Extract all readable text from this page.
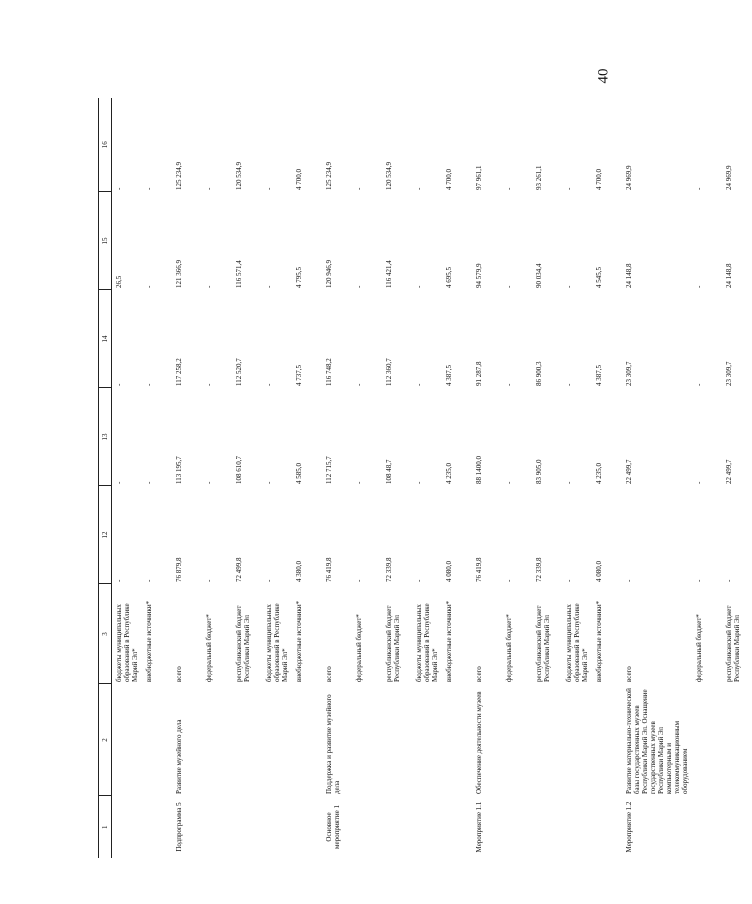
40
1	2	3	12	13	14	15	16
		бюджеты муниципальных образований в Республике Марий Эл*	-	-	-	26,5	-
		внебюджетные источники*	-	-	-	-	-
Подпрограмма 5	Развитие музейного дела	всего	76 879,8	113 195,7	117 258,2	121 366,9	125 234,9
		федеральный бюджет*	-	-	-	-	-
		республиканский бюджет Республики Марий Эл	72 499,8	108 610,7	112 520,7	116 571,4	120 534,9
		бюджеты муниципальных образований в Республике Марий Эл*	-	-	-	-	-
		внебюджетные источники*	4 380,0	4 585,0	4 737,5	4 795,5	4 700,0
Основное мероприятие 1	Поддержка и развитие музейного дела	всего	76 419,8	112 715,7	116 748,2	120 946,9	125 234,9
		федеральный бюджет*	-	-	-	-	-
		республиканский бюджет Республики Марий Эл	72 339,8	108 48,7	112 360,7	116 421,4	120 534,9
		бюджеты муниципальных образований в Республике Марий Эл*	-	-	-	-	-
		внебюджетные источники*	4 080,0	4 235,0	4 387,5	4 695,5	4 700,0
Мероприятие 1.1	Обеспечение деятельности музеев	всего	76 419,8	88 1400,0	91 287,8	94 579,9	97 961,1
		федеральный бюджет*	-	-	-	-	-
		республиканский бюджет Республики Марий Эл	72 339,8	83 905,0	86 900,3	90 034,4	93 261,1
		бюджеты муниципальных образований в Республике Марий Эл*	-	-	-	-	-
		внебюджетные источники*	4 080,0	4 235,0	4 387,5	4 545,5	4 700,0
Мероприятие 1.2	Развитие материально-технической базы государственных музеев Республики Марий Эл. Оснащение государственных музеев Республики Марий Эл компьютерным и телекоммуникационным оборудованием	всего	-	22 499,7	23 309,7	24 148,8	24 969,9
		федеральный бюджет*	-	-	-	-	-
		республиканский бюджет Республики Марий Эл	-	22 499,7	23 309,7	24 148,8	24 969,9
